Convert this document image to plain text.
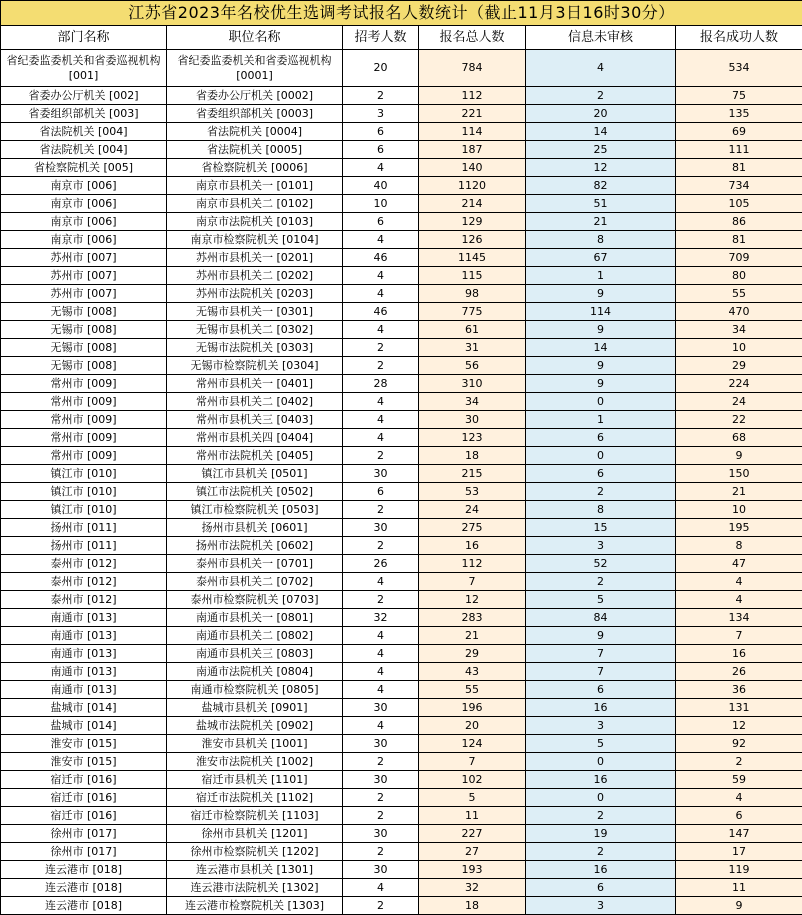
江苏省2023年名校优生选调考试报名人数统计（截止11月3日16时30分）					
部门名称	职位名称	招考人数	报名总人数	信息未审核	报名成功人数
省纪委监委机关和省委巡视机构 [001]	省纪委监委机关和省委巡视机构 [0001]	20	784	4	534
省委办公厅机关 [002]	省委办公厅机关 [0002]	2	112	2	75
省委组织部机关 [003]	省委组织部机关 [0003]	3	221	20	135
省法院机关 [004]	省法院机关 [0004]	6	114	14	69
省法院机关 [004]	省法院机关 [0005]	6	187	25	111
省检察院机关 [005]	省检察院机关 [0006]	4	140	12	81
南京市 [006]	南京市县机关一 [0101]	40	1120	82	734
南京市 [006]	南京市县机关二 [0102]	10	214	51	105
南京市 [006]	南京市法院机关 [0103]	6	129	21	86
南京市 [006]	南京市检察院机关 [0104]	4	126	8	81
苏州市 [007]	苏州市县机关一 [0201]	46	1145	67	709
苏州市 [007]	苏州市县机关二 [0202]	4	115	1	80
苏州市 [007]	苏州市法院机关 [0203]	4	98	9	55
无锡市 [008]	无锡市县机关一 [0301]	46	775	114	470
无锡市 [008]	无锡市县机关二 [0302]	4	61	9	34
无锡市 [008]	无锡市法院机关 [0303]	2	31	14	10
无锡市 [008]	无锡市检察院机关 [0304]	2	56	9	29
常州市 [009]	常州市县机关一 [0401]	28	310	9	224
常州市 [009]	常州市县机关二 [0402]	4	34	0	24
常州市 [009]	常州市县机关三 [0403]	4	30	1	22
常州市 [009]	常州市县机关四 [0404]	4	123	6	68
常州市 [009]	常州市法院机关 [0405]	2	18	0	9
镇江市 [010]	镇江市县机关 [0501]	30	215	6	150
镇江市 [010]	镇江市法院机关 [0502]	6	53	2	21
镇江市 [010]	镇江市检察院机关 [0503]	2	24	8	10
扬州市 [011]	扬州市县机关 [0601]	30	275	15	195
扬州市 [011]	扬州市法院机关 [0602]	2	16	3	8
泰州市 [012]	泰州市县机关一 [0701]	26	112	52	47
泰州市 [012]	泰州市县机关二 [0702]	4	7	2	4
泰州市 [012]	泰州市检察院机关 [0703]	2	12	5	4
南通市 [013]	南通市县机关一 [0801]	32	283	84	134
南通市 [013]	南通市县机关二 [0802]	4	21	9	7
南通市 [013]	南通市县机关三 [0803]	4	29	7	16
南通市 [013]	南通市法院机关 [0804]	4	43	7	26
南通市 [013]	南通市检察院机关 [0805]	4	55	6	36
盐城市 [014]	盐城市县机关 [0901]	30	196	16	131
盐城市 [014]	盐城市法院机关 [0902]	4	20	3	12
淮安市 [015]	淮安市县机关 [1001]	30	124	5	92
淮安市 [015]	淮安市法院机关 [1002]	2	7	0	2
宿迁市 [016]	宿迁市县机关 [1101]	30	102	16	59
宿迁市 [016]	宿迁市法院机关 [1102]	2	5	0	4
宿迁市 [016]	宿迁市检察院机关 [1103]	2	11	2	6
徐州市 [017]	徐州市县机关 [1201]	30	227	19	147
徐州市 [017]	徐州市检察院机关 [1202]	2	27	2	17
连云港市 [018]	连云港市县机关 [1301]	30	193	16	119
连云港市 [018]	连云港市法院机关 [1302]	4	32	6	11
连云港市 [018]	连云港市检察院机关 [1303]	2	18	3	9
